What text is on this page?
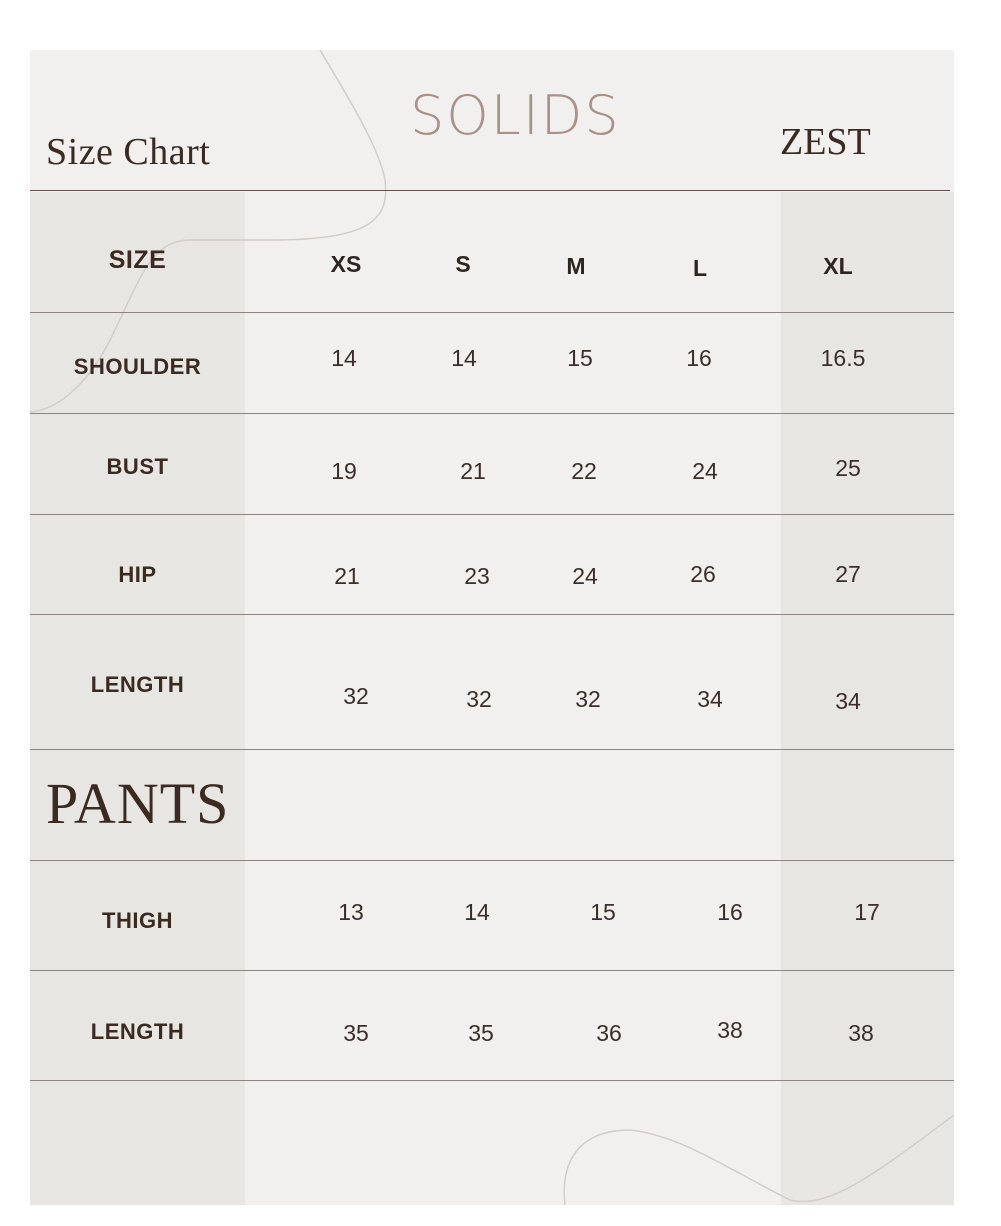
Size Chart
SOLIDS	ZEST
SIZE	XS	S	M	L	XL
SHOULDER	14	14	15	16	16.5
BUST	19	21	22	24	25
HIP	21	23	24	26	27
LENGTH	32	32	32	34	34
PANTS
THIGH	13	14	15	16	17
LENGTH	35	35	36	38	38
